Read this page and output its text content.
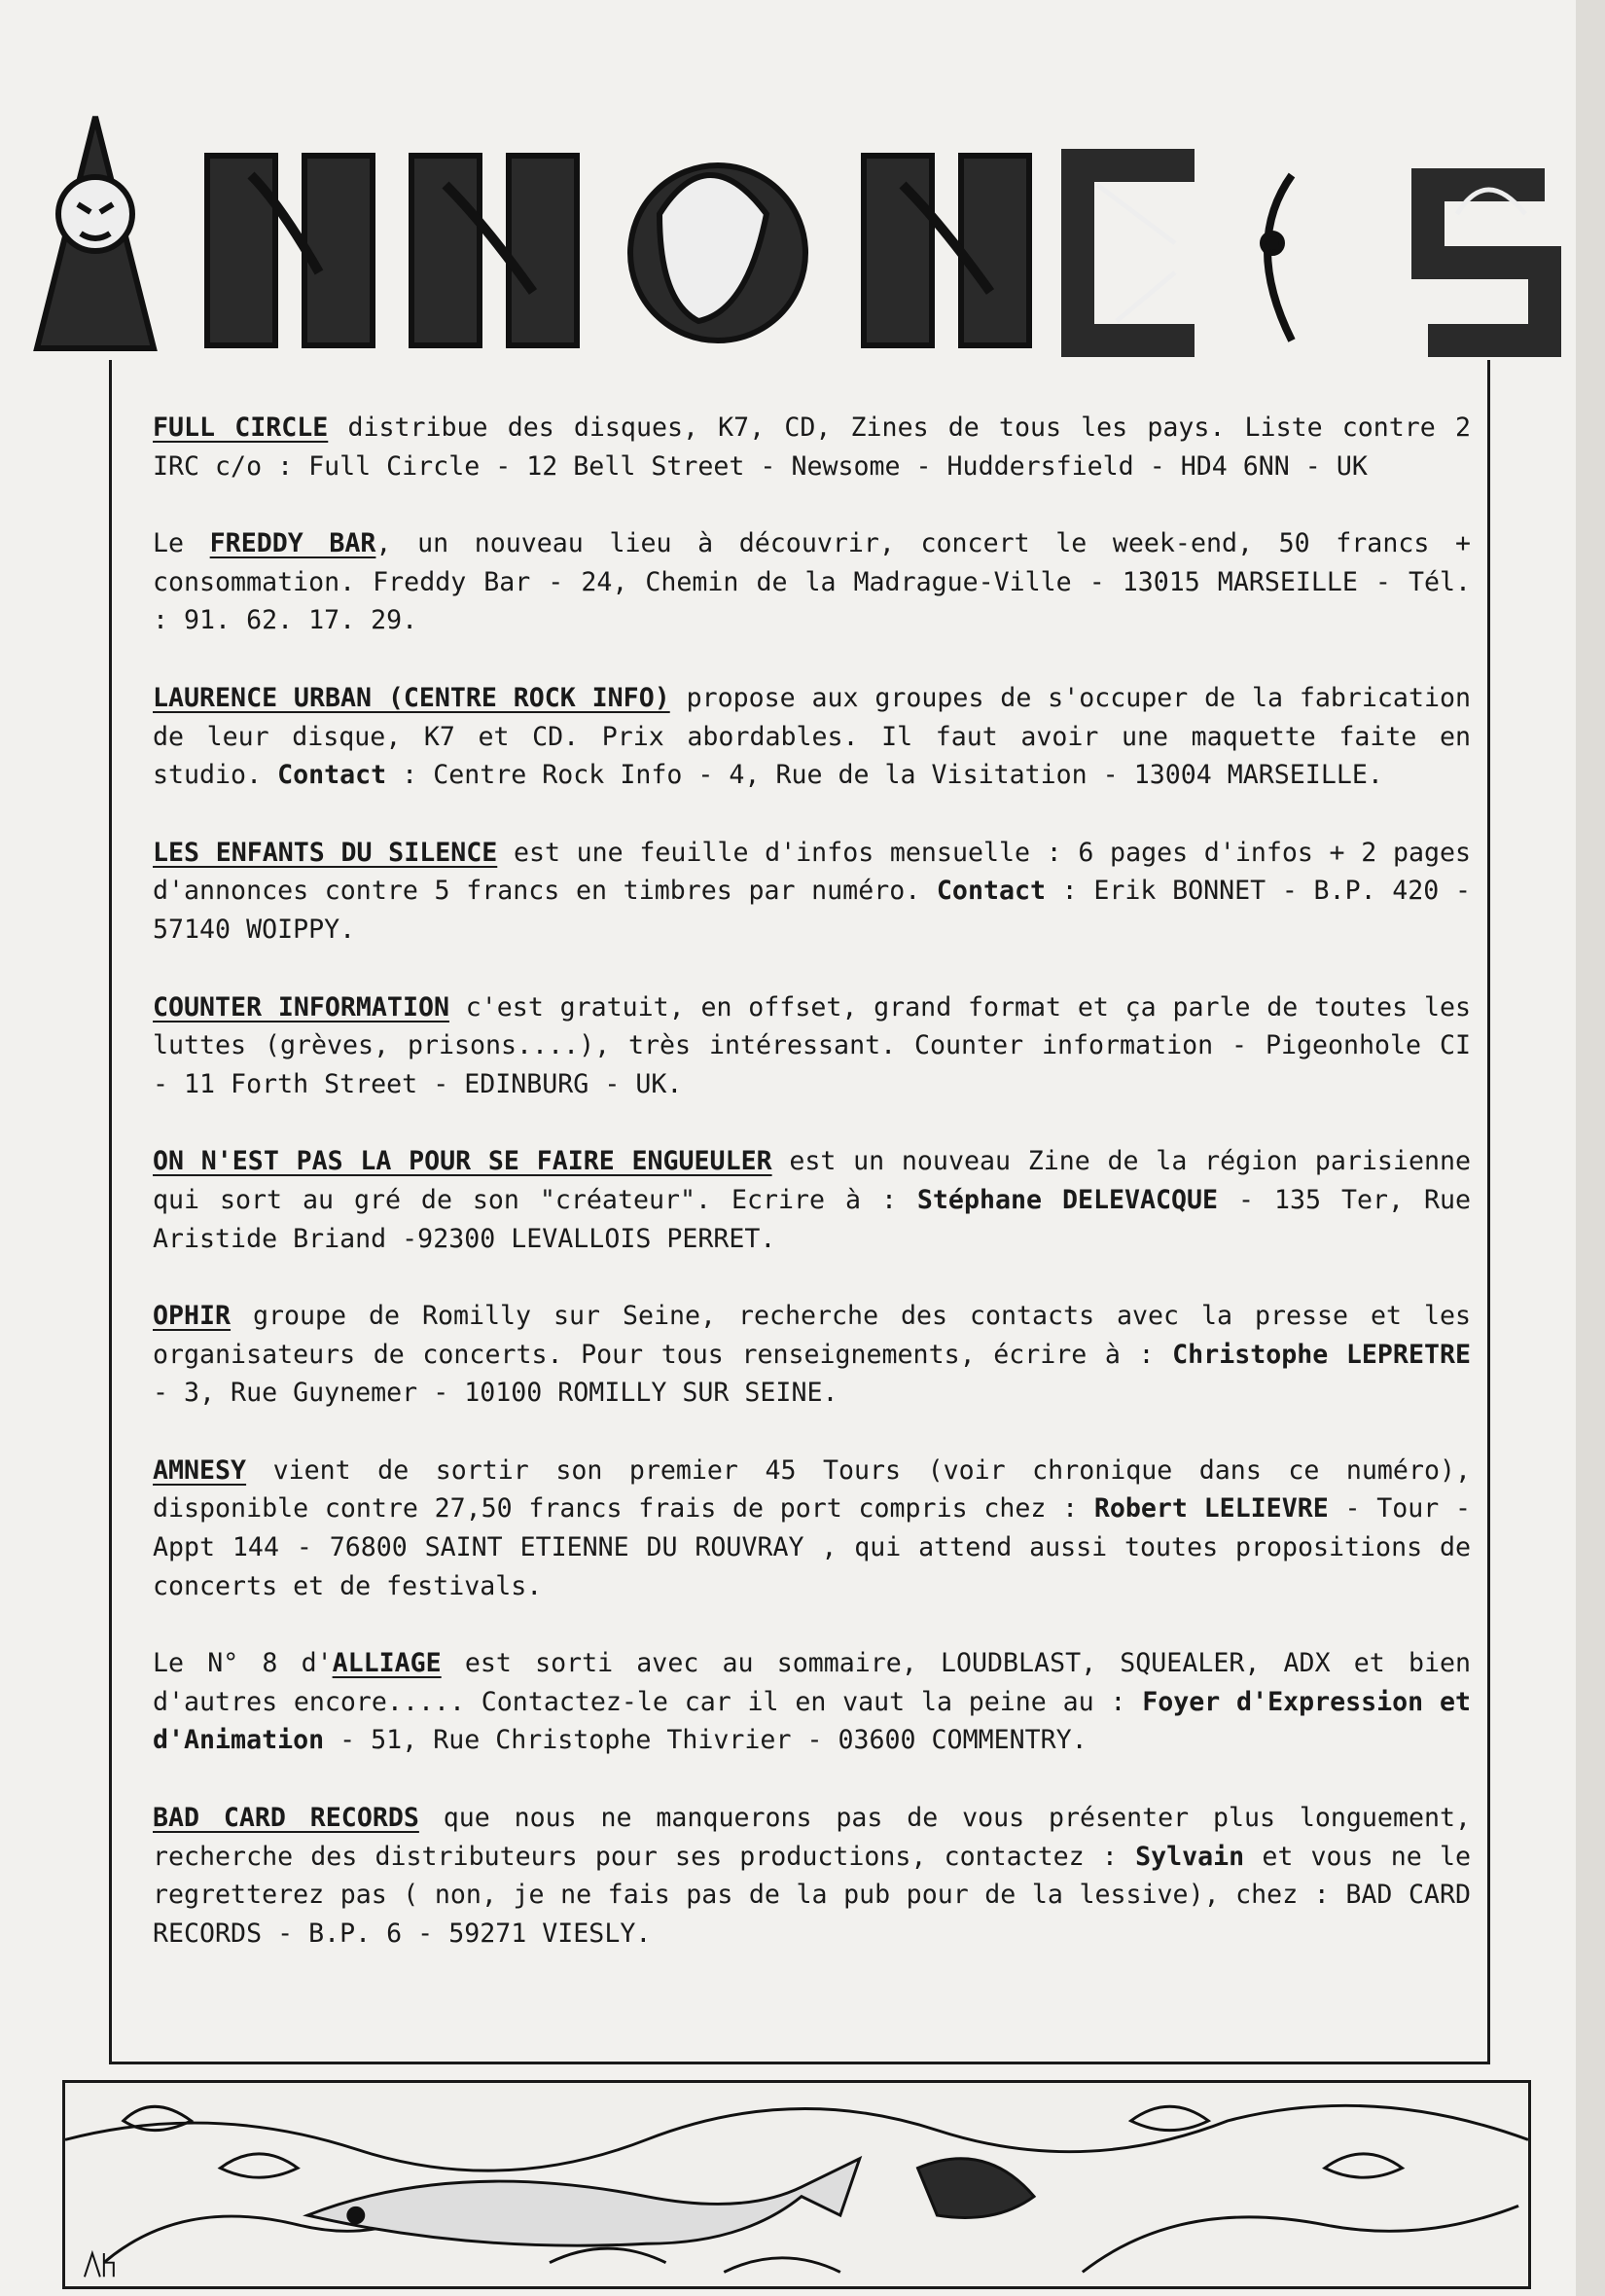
FULL CIRCLE distribue des disques, K7, CD, Zines de tous les pays. Liste contre 2 IRC c/o : Full Circle - 12 Bell Street - Newsome - Huddersfield - HD4 6NN - UK

Le FREDDY BAR, un nouveau lieu à découvrir, concert le week-end, 50 francs + consommation. Freddy Bar - 24, Chemin de la Madrague-Ville - 13015 MARSEILLE - Tél. : 91. 62. 17. 29.

LAURENCE URBAN (CENTRE ROCK INFO) propose aux groupes de s'occuper de la fabrication de leur disque, K7 et CD. Prix abordables. Il faut avoir une maquette faite en studio. Contact : Centre Rock Info - 4, Rue de la Visitation - 13004 MARSEILLE.

LES ENFANTS DU SILENCE est une feuille d'infos mensuelle : 6 pages d'infos + 2 pages d'annonces contre 5 francs en timbres par numéro. Contact : Erik BONNET - B.P. 420 - 57140 WOIPPY.

COUNTER INFORMATION c'est gratuit, en offset, grand format et ça parle de toutes les luttes (grèves, prisons....), très intéressant. Counter information - Pigeonhole CI - 11 Forth Street - EDINBURG - UK.

ON N'EST PAS LA POUR SE FAIRE ENGUEULER est un nouveau Zine de la région parisienne qui sort au gré de son "créateur". Ecrire à : Stéphane DELEVACQUE - 135 Ter, Rue Aristide Briand -92300 LEVALLOIS PERRET.

OPHIR groupe de Romilly sur Seine, recherche des contacts avec la presse et les organisateurs de concerts. Pour tous renseignements, écrire à : Christophe LEPRETRE - 3, Rue Guynemer - 10100 ROMILLY SUR SEINE.

AMNESY vient de sortir son premier 45 Tours (voir chronique dans ce numéro), disponible contre 27,50 francs frais de port compris chez : Robert LELIEVRE - Tour - Appt 144 - 76800 SAINT ETIENNE DU ROUVRAY , qui attend aussi toutes propositions de concerts et de festivals.

Le N° 8 d'ALLIAGE est sorti avec au sommaire, LOUDBLAST, SQUEALER, ADX et bien d'autres encore..... Contactez-le car il en vaut la peine au : Foyer d'Expression et d'Animation - 51, Rue Christophe Thivrier - 03600 COMMENTRY.

BAD CARD RECORDS que nous ne manquerons pas de vous présenter plus longuement, recherche des distributeurs pour ses productions, contactez : Sylvain et vous ne le regretterez pas ( non, je ne fais pas de la pub pour de la lessive), chez : BAD CARD RECORDS - B.P. 6 - 59271 VIESLY.
